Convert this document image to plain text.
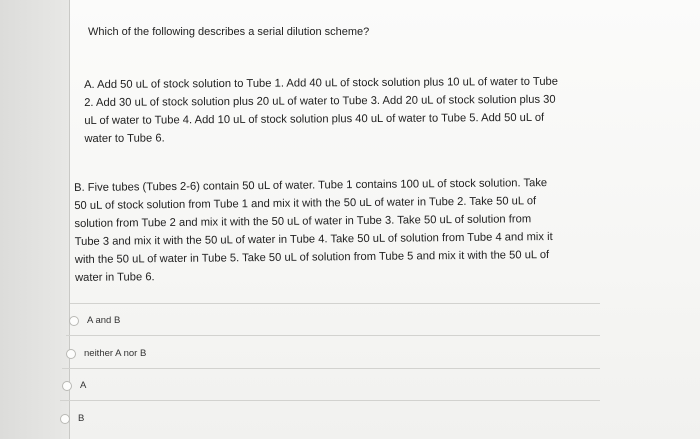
Which of the following describes a serial dilution scheme?

A. Add 50 uL of stock solution to Tube 1. Add 40 uL of stock solution plus 10 uL of water to Tube
2. Add 30 uL of stock solution plus 20 uL of water to Tube 3. Add 20 uL of stock solution plus 30
uL of water to Tube 4. Add 10 uL of stock solution plus 40 uL of water to Tube 5. Add 50 uL of
water to Tube 6.

B. Five tubes (Tubes 2-6) contain 50 uL of water. Tube 1 contains 100 uL of stock solution. Take
50 uL of stock solution from Tube 1 and mix it with the 50 uL of water in Tube 2. Take 50 uL of
solution from Tube 2 and mix it with the 50 uL of water in Tube 3. Take 50 uL of solution from
Tube 3 and mix it with the 50 uL of water in Tube 4. Take 50 uL of solution from Tube 4 and mix it
with the 50 uL of water in Tube 5. Take 50 uL of solution from Tube 5 and mix it with the 50 uL of
water in Tube 6.

A and B
neither A nor B
A
B
